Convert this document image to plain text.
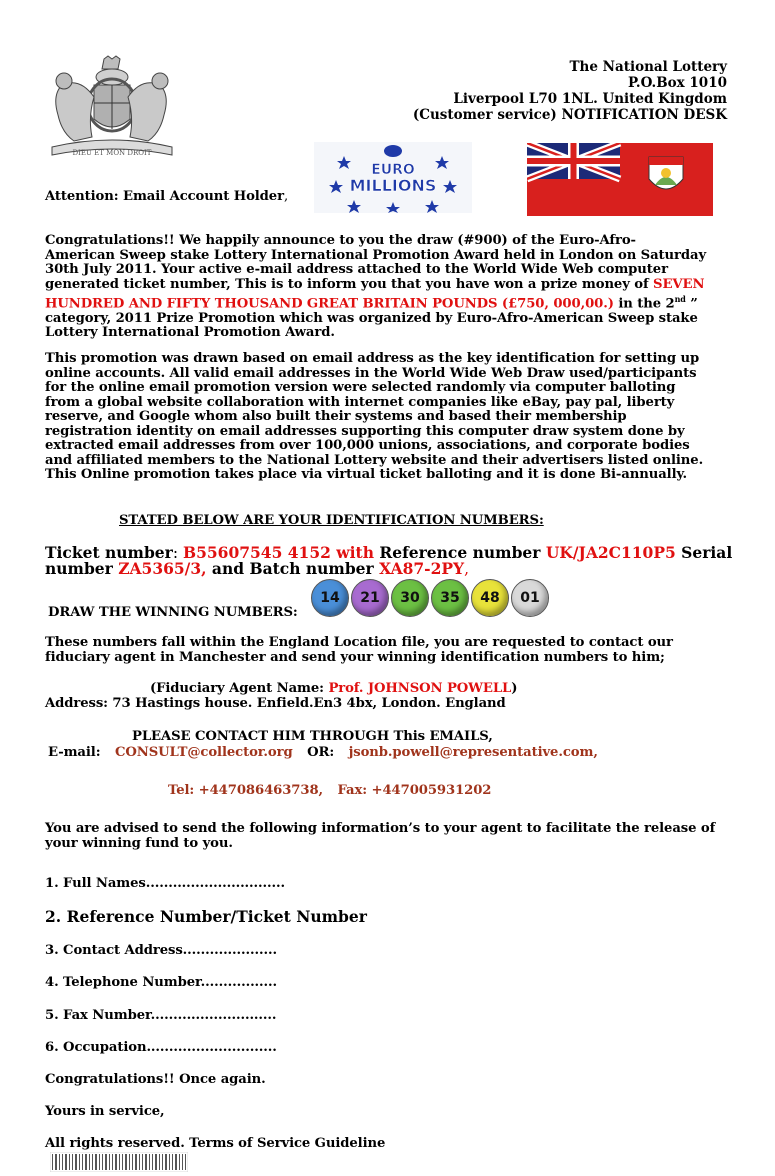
The National Lottery
P.O.Box 1010
Liverpool L70 1NL. United Kingdom
(Customer service) NOTIFICATION DESK
DIEU ET MON DROIT
EURO
MILLIONS
Attention: Email Account Holder,
Congratulations!! We happily announce to you the draw (#900) of the Euro-Afro-
American Sweep stake Lottery International Promotion Award held in London on Saturday
30th July 2011. Your active e-mail address attached to the World Wide Web computer
generated ticket number, This is to inform you that you have won a prize money of SEVEN
HUNDRED AND FIFTY THOUSAND GREAT BRITAIN POUNDS (£750, 000,00.) in the 2nd ”
category, 2011 Prize Promotion which was organized by Euro-Afro-American Sweep stake
Lottery International Promotion Award.
This promotion was drawn based on email address as the key identification for setting up
online accounts. All valid email addresses in the World Wide Web Draw used/participants
for the online email promotion version were selected randomly via computer balloting
from a global website collaboration with internet companies like eBay, pay pal, liberty
reserve, and Google whom also built their systems and based their membership
registration identity on email addresses supporting this computer draw system done by
extracted email addresses from over 100,000 unions, associations, and corporate bodies
and affiliated members to the National Lottery website and their advertisers listed online.
This Online promotion takes place via virtual ticket balloting and it is done Bi-annually.
STATED BELOW ARE YOUR IDENTIFICATION NUMBERS:
Ticket number: B55607545 4152 with Reference number UK/JA2C110P5 Serial
number ZA5365/3, and Batch number XA87-2PY,
DRAW THE WINNING NUMBERS:
14 21 30 35 48 01
These numbers fall within the England Location file, you are requested to contact our
fiduciary agent in Manchester and send your winning identification numbers to him;
(Fiduciary Agent Name: Prof. JOHNSON POWELL)
Address: 73 Hastings house. Enfield.En3 4bx, London. England
PLEASE CONTACT HIM THROUGH This EMAILS,
E-mail: CONSULT@collector.org OR: jsonb.powell@representative.com,
Tel: +447086463738, Fax: +447005931202
You are advised to send the following information’s to your agent to facilitate the release of
your winning fund to you.
1. Full Names...............................
2. Reference Number/Ticket Number
3. Contact Address.....................
4. Telephone Number.................
5. Fax Number............................
6. Occupation.............................
Congratulations!! Once again.
Yours in service,
All rights reserved. Terms of Service Guideline
